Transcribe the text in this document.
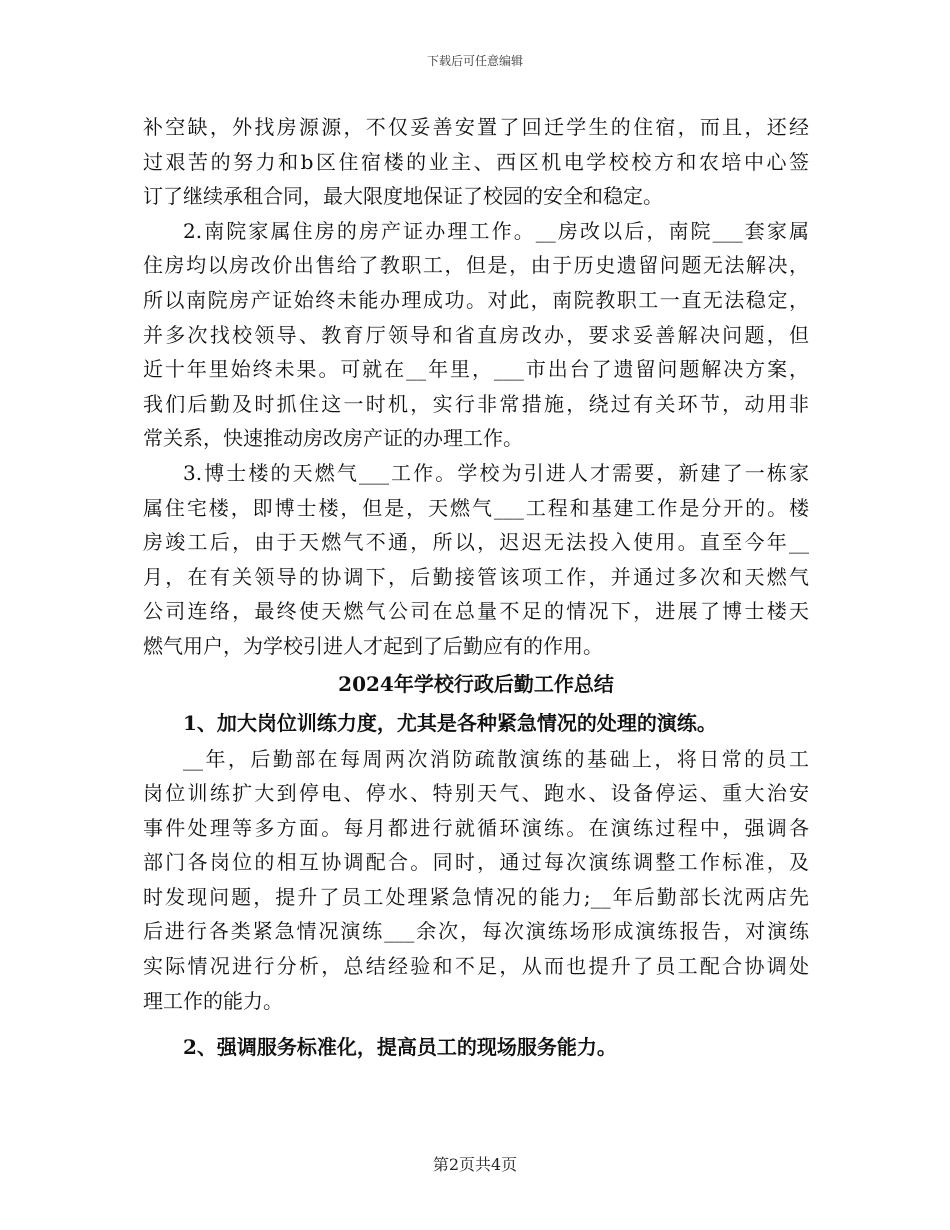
下载后可任意编辑
补空缺，外找房源源，不仅妥善安置了回迁学生的住宿，而且，还经
过艰苦的努力和b区住宿楼的业主、西区机电学校校方和农培中心签
订了继续承租合同，最大限度地保证了校园的安全和稳定。
2.南院家属住房的房产证办理工作。__房改以后，南院___套家属
住房均以房改价出售给了教职工，但是，由于历史遗留问题无法解决，
所以南院房产证始终未能办理成功。对此，南院教职工一直无法稳定，
并多次找校领导、教育厅领导和省直房改办，要求妥善解决问题，但
近十年里始终未果。可就在__年里，___市出台了遗留问题解决方案，
我们后勤及时抓住这一时机，实行非常措施，绕过有关环节，动用非
常关系，快速推动房改房产证的办理工作。
3.博士楼的天燃气___工作。学校为引进人才需要，新建了一栋家
属住宅楼，即博士楼，但是，天燃气___工程和基建工作是分开的。楼
房竣工后，由于天燃气不通，所以，迟迟无法投入使用。直至今年__
月，在有关领导的协调下，后勤接管该项工作，并通过多次和天燃气
公司连络，最终使天燃气公司在总量不足的情况下，进展了博士楼天
燃气用户，为学校引进人才起到了后勤应有的作用。
2024年学校行政后勤工作总结
1、加大岗位训练力度，尤其是各种紧急情况的处理的演练。
__年，后勤部在每周两次消防疏散演练的基础上，将日常的员工
岗位训练扩大到停电、停水、特别天气、跑水、设备停运、重大治安
事件处理等多方面。每月都进行就循环演练。在演练过程中，强调各
部门各岗位的相互协调配合。同时，通过每次演练调整工作标准，及
时发现问题，提升了员工处理紧急情况的能力;__年后勤部长沈两店先
后进行各类紧急情况演练___余次，每次演练场形成演练报告，对演练
实际情况进行分析，总结经验和不足，从而也提升了员工配合协调处
理工作的能力。
2、强调服务标准化，提高员工的现场服务能力。
第2页共4页
